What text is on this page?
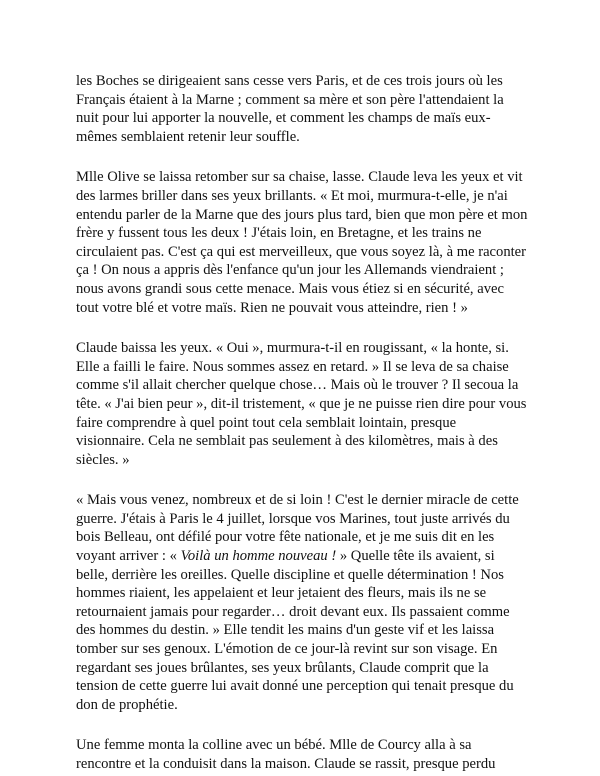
les Boches se dirigeaient sans cesse vers Paris, et de ces trois jours où les Français étaient à la Marne ; comment sa mère et son père l'attendaient la nuit pour lui apporter la nouvelle, et comment les champs de maïs eux-mêmes semblaient retenir leur souffle.

Mlle Olive se laissa retomber sur sa chaise, lasse. Claude leva les yeux et vit des larmes briller dans ses yeux brillants. « Et moi, murmura-t-elle, je n'ai entendu parler de la Marne que des jours plus tard, bien que mon père et mon frère y fussent tous les deux ! J'étais loin, en Bretagne, et les trains ne circulaient pas. C'est ça qui est merveilleux, que vous soyez là, à me raconter ça ! On nous a appris dès l'enfance qu'un jour les Allemands viendraient ; nous avons grandi sous cette menace. Mais vous étiez si en sécurité, avec tout votre blé et votre maïs. Rien ne pouvait vous atteindre, rien ! »

Claude baissa les yeux. « Oui », murmura-t-il en rougissant, « la honte, si. Elle a failli le faire. Nous sommes assez en retard. » Il se leva de sa chaise comme s'il allait chercher quelque chose… Mais où le trouver ? Il secoua la tête. « J'ai bien peur », dit-il tristement, « que je ne puisse rien dire pour vous faire comprendre à quel point tout cela semblait lointain, presque visionnaire. Cela ne semblait pas seulement à des kilomètres, mais à des siècles. »

« Mais vous venez, nombreux et de si loin ! C'est le dernier miracle de cette guerre. J'étais à Paris le 4 juillet, lorsque vos Marines, tout juste arrivés du bois Belleau, ont défilé pour votre fête nationale, et je me suis dit en les voyant arriver : « Voilà un homme nouveau ! » Quelle tête ils avaient, si belle, derrière les oreilles. Quelle discipline et quelle détermination ! Nos hommes riaient, les appelaient et leur jetaient des fleurs, mais ils ne se retournaient jamais pour regarder… droit devant eux. Ils passaient comme des hommes du destin. » Elle tendit les mains d'un geste vif et les laissa tomber sur ses genoux. L'émotion de ce jour-là revint sur son visage. En regardant ses joues brûlantes, ses yeux brûlants, Claude comprit que la tension de cette guerre lui avait donné une perception qui tenait presque du don de prophétie.

Une femme monta la colline avec un bébé. Mlle de Courcy alla à sa rencontre et la conduisit dans la maison. Claude se rassit, presque perdu
